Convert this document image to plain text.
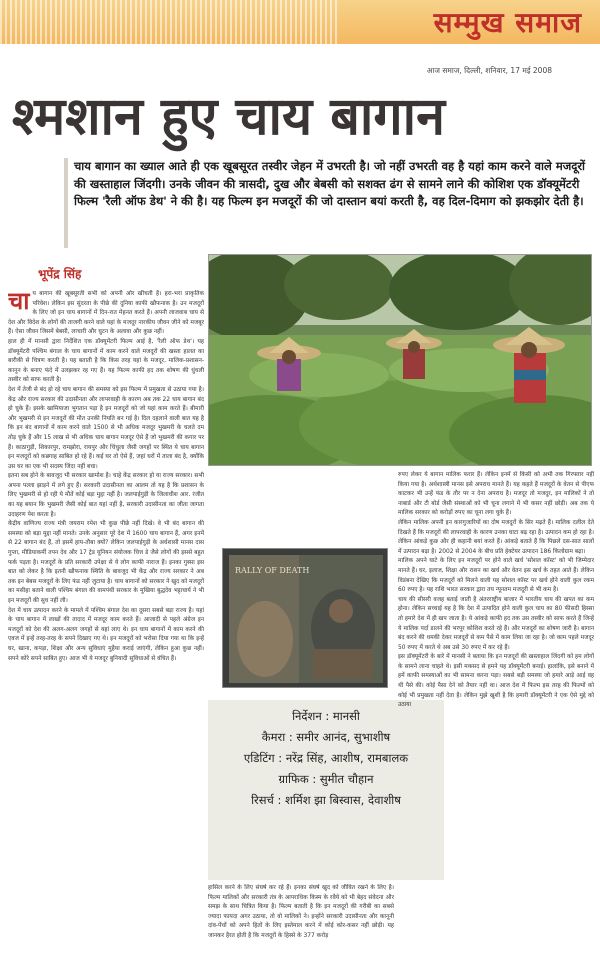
सम्मुख समाज
आज समाज, दिल्ली, शनिवार, 17 मई 2008
श्मशान हुए चाय बागान

चाय बागान का ख्याल आते ही एक खूबसूरत तस्वीर जेहन में उभरती है। जो नहीं उभरती वह है यहां काम करने वाले मजदूरों की खस्ताहाल जिंदगी। उनके जीवन की त्रासदी, दुख और बेबसी को सशक्त ढंग से सामने लाने की कोशिश एक डॉक्यूमेंटरी फिल्म 'रैली ऑफ डेथ' ने की है। यह फिल्म इन मजदूरों की जो दास्तान बयां करती है, वह दिल-दिमाग को झकझोर देती है।

भूपेंद्र सिंह

चाय बागान की खूबसूरती सभी को अपनी ओर खींचती है। हरा-भरा प्राकृतिक परिवेश। लेकिन इस सुंदरता के पीछे की दुनिया काफी खौफनाक है। उन मजदूरों के लिए जो इन चाय बागानों में दिन-रात मेहनत करते हैं। अपनी लाजवाब चाय से देश और विदेश के लोगों की ताजगी करने वाले यहां के मजदूर नारकीय जीवन जीने को मजबूर हैं। ऐसा जीवन जिसमें बेबसी, लाचारी और घुटन के अलावा और कुछ नहीं।

हाल ही में मानसी द्वारा निर्देशित एक डॉक्यूमेंटरी फिल्म आई है, 'रैली ऑफ डेथ'। यह डॉक्यूमेंटरी पश्चिम बंगाल के चाय बागानों में काम करने वाले मजदूरों की खस्ता हालत का बारीकी से चित्रण करती है। यह बताती है कि किस तरह यहां के मजदूर, मालिक-प्रशासन-कानून के बनाए फंदे में उलझकर रह गए हैं। यह फिल्म काफी हद तक शोषण की धुंधली तस्वीर को साफ करती है।

देश में तेजी से बंद हो रहे चाय बागान की समस्या को इस फिल्म में प्रमुखता से उठाया गया है। केंद्र और राज्य सरकार की उदासीनता और लापरवाही के कारण अब तक 22 चाय बागान बंद हो चुके हैं। इसके खामियाजा भुगतान पड़ा है इन मजदूरों को जो यहां काम करते हैं। बीमारी और भुखमरी से इन मजदूरों की मौत उनकी नियति बन गई है। दिल दहलाने वाली बात यह है कि इन बंद बागानों में काम करने वाले 1500 से भी अधिक मजदूर भुखमरी के चलते दम तोड़ चुके हैं और 15 लाख से भी अधिक चाय बागान मजदूर ऐसे हैं जो भुखमरी की कगार पर हैं। काठागुड़ी, शिकारपुर, रामझोरा, रायपुर और चिंचुला जैसी जगहों पर स्थित ये चाय बागान इन मजदूरों को कब्रगाह साबित हो रहे हैं। कई घर तो ऐसे हैं, जहां घरों में ताला बंद है, क्योंकि उस घर का एक भी सदस्य जिंदा नहीं बचा।

इतना सब होने के बावजूद भी सरकार खामोश है। चाहे केंद्र सरकार हो या राज्य सरकार। सभी अपना पल्ला झाड़ने में लगे हुए हैं। सरकारी उदासीनता का आलम तो यह है कि प्रशासन के लिए भुखमरी से हो रही ये मौतें कोई बड़ा मुद्दा नहीं है। जलपाईगुड़ी के जिलाधीश आर. रंजीत का यह बयान कि भुखमरी जैसी कोई बात यहां नहीं है, सरकारी उदासीनता का जीता जागता उदाहरण पेश करता है।

केंद्रीय वाणिज्य राज्य मंत्री जयराम रमेश भी कुछ पीछे नहीं दिखे। वे भी बंद बागान की समस्या को बड़ा मुद्दा नहीं मानते। उनके अनुसार पूरे देश में 1600 चाय बागान हैं, अगर इनमें से 22 बागान बंद हैं, तो इसमें हाय-तौबा क्यों? लेकिन जलपाईगुड़ी के अर्धशासी मानस दास गुप्ता, मीडियाकर्मी तपन देव और 17 ट्रेड यूनियन संयोजक चित्त डे जैसे लोगों की इससे बहुत फर्क पड़ता है। मजदूरों के प्रति सरकारी उपेक्षा से ये लोग काफी नाराज हैं। इनका गुस्सा इस बात को लेकर है कि इतनी खौफनाक स्थिति के बावजूद भी केंद्र और राज्य सरकार ने अब तक इन बेबस मजदूरों के लिए फंड नहीं जुटाया है। चाय बागानों को सरकार ने खुद को मजदूरों का मसीहा बताने वाली पश्चिम बंगाल की वामपंथी सरकार के मुखिया बुद्धदेव भट्टाचार्य ने भी इन मजदूरों की सुध नहीं ली।

देश में चाय उत्पादन करने के मामले में पश्चिम बंगाल देश का दूसरा सबसे बड़ा राज्य है। यहां के चाय बागान में लाखों की तादाद में मजदूर काम करते हैं। आजादी से पहले अंग्रेज इन मजदूरों को देश की अलग-अलग जगहों से यहां लाए थे। इन चाय बागानों में काम करने की एवज में इन्हें तरह-तरह के सपने दिखाए गए थे। इन मजदूरों को भरोसा दिया गया था कि इन्हें घर, खाना, कपड़ा, शिक्षा और अन्य सुविधाएं मुहैया कराई जाएंगी, लेकिन हुआ कुछ नहीं। सपने कोरे सपने साबित हुए। आज भी ये मजदूर बुनियादी सुविधाओं से वंचित हैं।

RALLY OF DEATH
निर्देशन : मानसी
कैमरा : समीर आनंद, सुभाशीष
एडिटिंग : नरेंद्र सिंह, आशीष, रामबालक
ग्राफिक : सुमीत चौहान
रिसर्च : शर्मिश झा बिस्वास, देवाशीष

हासिल करने के लिए संघर्ष कर रहे हैं। इनका संघर्ष खुद को जीवित रखने के लिए है। फिल्म मालिकों और सरकारी तंत्र के आपराधिक किस्म के रवैये को भी बेहद संवेदना और समझ के साथ चित्रित किया है। फिल्म बताती है कि इन मजदूरों की गरीबी का सबसे ज्यादा फायदा अगर उठाया, तो वो मालिकों ने। इन्होंने सरकारी उदासीनता और कानूनी दांव-पेंचों को अपने हितों के लिए इस्तेमाल करने में कोई कोर-कसर नहीं छोड़ी। यह जानकर हैरत होती है कि मजदूरों के हिस्से के 377 करोड़

रुपए लेकर ये बागान मालिक फरार हैं। लेकिन इनमें से किसी को अभी तक गिरफ्तार नहीं किया गया है। अर्थशास्त्री मानस इसे अपराध मानते हैं। यह कहते हैं मजदूरों के वेतन से पीएफ काटकर भी उन्हें फंड के तौर पर न देना अपराध है। मजदूर तो मजदूर, इन मालिकों ने तो नाबार्ड और टी बोर्ड जैसी संस्थाओं को भी चूना लगाने में भी कसर नहीं छोड़ी। अब तक ये मालिक सरकार को करोड़ों रुपए का चूना लगा चुके हैं।

लेकिन मालिक अपनी इन कारगुजारियों का दोष मजदूरों के सिर मढ़ते हैं। मालिक दलील देते दिखते हैं कि मजदूरों की लापरवाही के कारण उनका घाटा बढ़ रहा है। उत्पादन कम हो रहा है। लेकिन आंकड़े कुछ और ही कहानी बयां करते हैं। आंकड़े बताते हैं कि पिछले दस-सात सालों में उत्पादन बढ़ा है। 2002 से 2004 के बीच प्रति हेक्टेयर उत्पादन 186 किलोग्राम बढ़ा।

मालिक अपने घाटे के लिए इन मजदूरों पर होने वाले खर्च 'सोशल कॉस्ट' को भी जिम्मेदार मानते हैं। घर, इलाज, शिक्षा और राशन का खर्च और वेतन इस खर्च के तहत आते हैं। लेकिन विडंबना देखिए कि मजदूरों को मिलने वाली यह सोशल कॉस्ट पर खर्च होने वाली कुल रकम 60 रुपए है। यह राशि भारत सरकार द्वारा तय न्यूनतम मजदूरी से भी कम है।

चाय की सीसरी वजह बताई जाती है अंतरराष्ट्रीय बाजार में भारतीय चाय की खपत का कम होना। लेकिन सच्चाई यह है कि देश में उत्पादित होने वाली कुल चाय का 80 फीसदी हिस्सा तो हमारे देश में ही खप जाता है। ये आंकड़े काफी हद तक उस तस्वीर को साफ करते हैं जिन्हें ये मालिक पर्दा डालने की भरपूर कोशिश करते रहे हैं। और मजदूरों का शोषण जारी है। बागान बंद करने की धमकी देकर मजदूरों से कम पैसे में काम लिया जा रहा है। जो काम पहले मजदूर 50 रुपए में करते थे अब उसे 30 रुपए में कर रहे हैं।

इस डॉक्यूमेंटरी के बारे में मानसी ने बताया कि इन मजदूरों की खस्ताहाल जिंदगी को हम लोगों के सामने लाना चाहते थे। इसी मकसद से हमने यह डॉक्यूमेंटरी बनाई। हालांकि, इसे बनाने में हमें काफी समस्याओं का भी सामना करना पड़ा। सबसे बड़ी समस्या जो हमारे आड़े आई वह थी पैसे की। कोई पैसा देने को तैयार नहीं था। आज देश में फिल्म इस तरह की फिल्मों को कोई भी प्रमुखता नहीं देता है। लेकिन मुझे खुशी है कि हमारी डॉक्यूमेंटरी ने एक ऐसे मुद्दे को उठाया
